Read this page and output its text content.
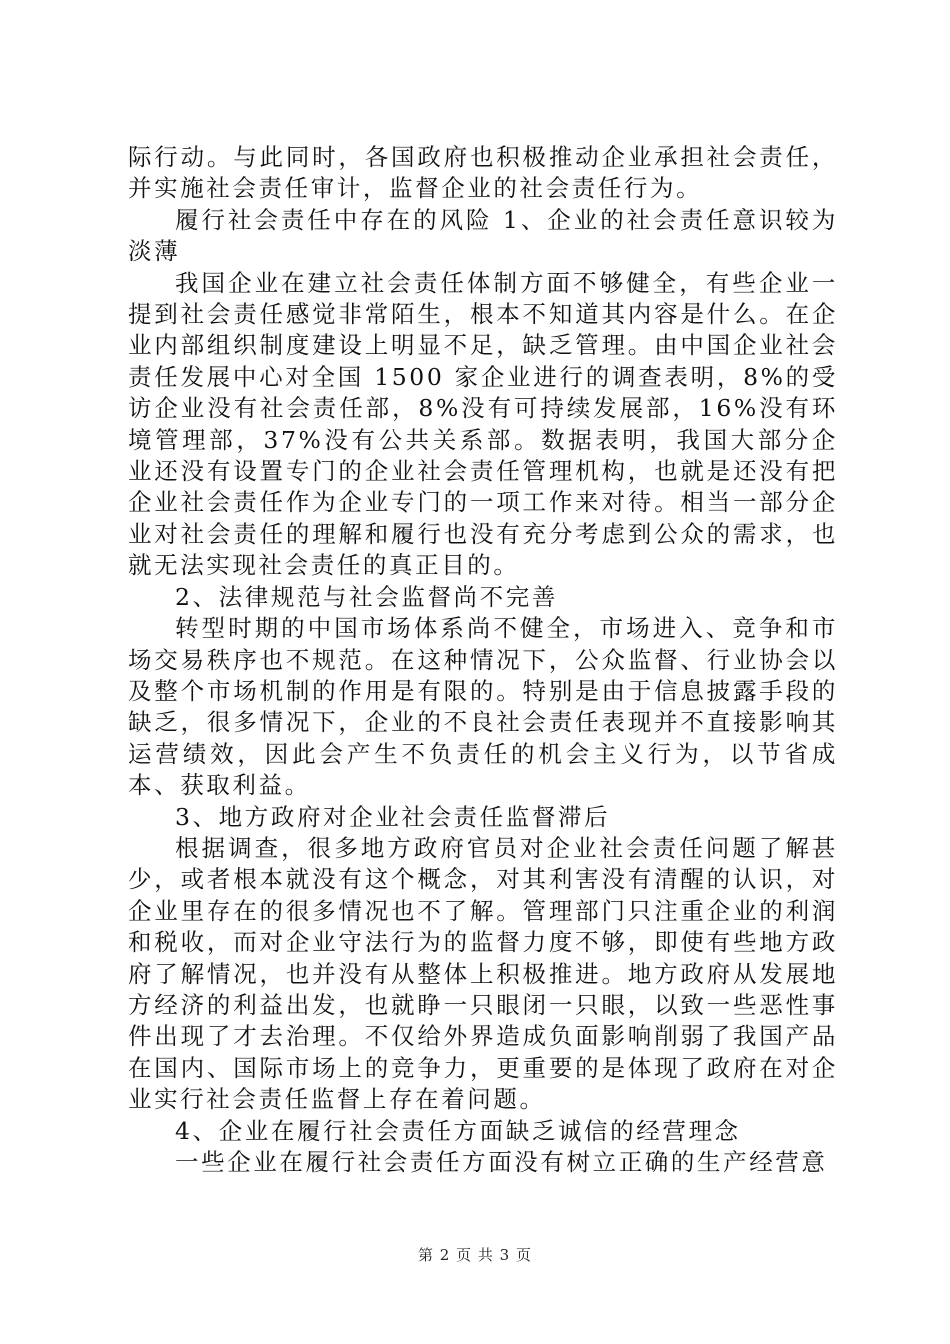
际行动。与此同时，各国政府也积极推动企业承担社会责任，并实施社会责任审计，监督企业的社会责任行为。

履行社会责任中存在的风险 1、企业的社会责任意识较为淡薄

我国企业在建立社会责任体制方面不够健全，有些企业一提到社会责任感觉非常陌生，根本不知道其内容是什么。在企业内部组织制度建设上明显不足，缺乏管理。由中国企业社会责任发展中心对全国 1500 家企业进行的调查表明，8%的受访企业没有社会责任部，8%没有可持续发展部，16%没有环境管理部，37%没有公共关系部。数据表明，我国大部分企业还没有设置专门的企业社会责任管理机构，也就是还没有把企业社会责任作为企业专门的一项工作来对待。相当一部分企业对社会责任的理解和履行也没有充分考虑到公众的需求，也就无法实现社会责任的真正目的。

2、法律规范与社会监督尚不完善

转型时期的中国市场体系尚不健全，市场进入、竞争和市场交易秩序也不规范。在这种情况下，公众监督、行业协会以及整个市场机制的作用是有限的。特别是由于信息披露手段的缺乏，很多情况下，企业的不良社会责任表现并不直接影响其运营绩效，因此会产生不负责任的机会主义行为，以节省成本、获取利益。

3、地方政府对企业社会责任监督滞后

根据调查，很多地方政府官员对企业社会责任问题了解甚少，或者根本就没有这个概念，对其利害没有清醒的认识，对企业里存在的很多情况也不了解。管理部门只注重企业的利润和税收，而对企业守法行为的监督力度不够，即使有些地方政府了解情况，也并没有从整体上积极推进。地方政府从发展地方经济的利益出发，也就睁一只眼闭一只眼，以致一些恶性事件出现了才去治理。不仅给外界造成负面影响削弱了我国产品在国内、国际市场上的竞争力，更重要的是体现了政府在对企业实行社会责任监督上存在着问题。

4、企业在履行社会责任方面缺乏诚信的经营理念

一些企业在履行社会责任方面没有树立正确的生产经营意

第 2 页 共 3 页
